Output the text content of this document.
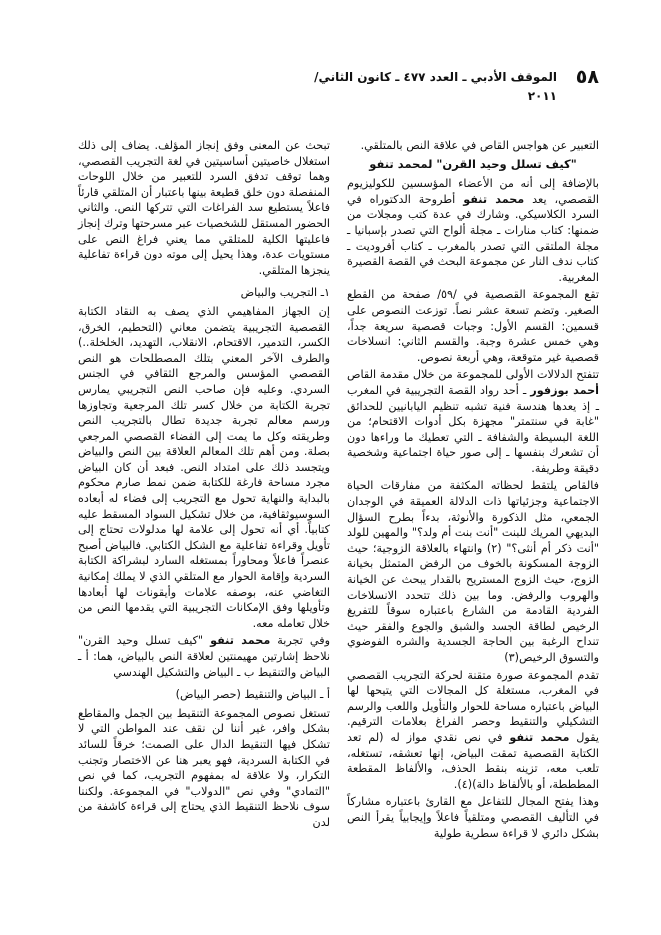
٥٨
الموقف الأدبي ـ العدد ٤٧٧ ـ كانون الثاني/
٢٠١١

التعبير عن هواجس القاص في علاقة النص بالمتلقي.

"كيف تسلل وحيد القرن" لمحمد تنفو

بالإضافة إلى أنه من الأعضاء المؤسسين للكوليزيوم القصصي، يعد محمد تنفو أطروحة الدكتوراه في السرد الكلاسيكي. وشارك في عدة كتب ومجلات من ضمنها: كتاب منارات ـ مجلة ألواح التي تصدر بإسبانيا ـ مجلة الملتقى التي تصدر بالمغرب ـ كتاب أفروديت ـ كتاب ندف النار عن مجموعة البحث في القصة القصيرة المغربية.

تقع المجموعة القصصية في /٥٩/ صفحة من القطع الصغير. وتضم تسعة عشر نصاً. توزعت النصوص على قسمين: القسم الأول: وجبات قصصية سريعة جداً، وهي خمس عشرة وجبة. والقسم الثاني: انسلاخات قصصية غير متوقعة، وهي أربعة نصوص.

تتفتح الدلالات الأولى للمجموعة من خلال مقدمة القاص أحمد بوزفور ـ أحد رواد القصة التجريبية في المغرب ـ إذ يعدها هندسة فنية تشبه تنظيم اليابانيين للحدائق "غابة في سنتمتر" مجهزة بكل أدوات الاقتحام؛ من اللغة البسيطة والشفافة ـ التي تعطيك ما وراءها دون أن تشعرك بنفسها ـ إلى صور حياة اجتماعية وشخصية دقيقة وطريفة.

فالقاص يلتقط لحظاته المكثفة من مفارقات الحياة الاجتماعية وجزئياتها ذات الدلالة العميقة في الوجدان الجمعي، مثل الذكورة والأنوثة، بدءاً بطرح السؤال البديهي المريك للبنت "أنت بنت أم ولد؟" والمهين للولد "أنت ذكر أم أنثى؟" (٢) وانتهاء بالعلاقة الزوجية؛ حيث الزوجة المسكونة بالخوف من الرفض المتمثل بخيانة الزوج، حيث الزوج المستريح بالقدار يبحث عن الخيانة والهروب والرفض. وما بين ذلك تتحدد الانسلاخات الفردية القادمة من الشارع باعتباره سوقاً للتفريغ الرخيص لطاقة الجسد والشبق والجوع والفقر حيث تنداح الرغبة بين الحاجة الجسدية والشره الفوضوي والتسوق الرخيص(٣)

تقدم المجموعة صورة متقنة لحركة التجريب القصصي في المغرب، مستغلة كل المجالات التي يتيحها لها البياض باعتباره مساحة للحوار والتأويل واللعب والرسم التشكيلي والتنقيط وحصر الفراغ بعلامات الترقيم. يقول محمد تنفو في نص نقدي مواز له (لم تعد الكتابة القصصية تمقت البياض، إنها تعشقه، تستغله، تلعب معه، تزينه بنقط الحذف، والألفاظ المقطعة المطططة، أو بالألفاظ دالة)(٤).

وهذا يفتح المجال للتفاعل مع القارئ باعتباره مشاركاً في التأليف القصصي ومتلقياً فاعلاً وإيجابياً يقرأ النص بشكل دائري لا قراءة سطرية طولية

تبحث عن المعنى وفق إنجاز المؤلف. يضاف إلى ذلك استغلال خاصيتين أساسيتين في لغة التجريب القصصي، وهما توقف تدفق السرد للتعبير من خلال اللوحات المنفصلة دون خلق قطيعة بينها باعتبار أن المتلقي قارئاً فاعلاً يستطيع سد الفراغات التي تتركها النص. والثاني الحضور المستقل للشخصيات عبر مسرحتها وترك إنجاز فاعليتها الكلية للمتلقي مما يعني فراغ النص على مستويات عدة، وهذا يحيل إلى موته دون قراءة تفاعلية ينجزها المتلقي.

١ـ التجريب والبياض

إن الجهاز المفاهيمي الذي يصف به النقاد الكتابة القصصية التجريبية يتضمن معاني (التحطيم، الخرق، الكسر، التدمير، الاقتحام، الانقلاب، التهديد، الخلخلة..) والطرف الآخر المعني بتلك المصطلحات هو النص القصصي المؤسس والمرجع الثقافي في الجنس السردي. وعليه فإن صاحب النص التجريبي يمارس تجربة الكتابة من خلال كسر تلك المرجعية وتجاوزها ورسم معالم تجربة جديدة تطال بالتجريب النص وطريقته وكل ما يمت إلى الفضاء القصصي المرجعي بصلة. ومن أهم تلك المعالم العلاقة بين النص والبياض ويتجسد ذلك على امتداد النص. فبعد أن كان البياض مجرد مساحة فارغة للكتابة ضمن نمط صارم محكوم بالبداية والنهاية تحول مع التجريب إلى فضاء له أبعاده السوسيوثقافية، من خلال تشكيل السواد المسقط عليه كتابياً. أي أنه تحول إلى علامة لها مدلولات تحتاج إلى تأويل وقراءة تفاعلية مع الشكل الكتابي. فالبياض أصبح عنصراً فاعلاً ومحاوراً بمستغله السارد لبشراكة الكتابة السردية وإقامة الحوار مع المتلقي الذي لا يملك إمكانية التغاضي عنه، بوصفه علامات وأيقونات لها أبعادها وتأويلها وفق الإمكانات التجريبية التي يقدمها النص من خلال تعامله معه.

وفي تجربة محمد تنفو "كيف تسلل وحيد القرن" نلاحظ إشارتين مهيمنتين لعلاقة النص بالبياض، هما: أ ـ البياض والتنقيط ب ـ البياض والتشكيل الهندسي

أ ـ البياض والتنقيط (حصر البياض)

تستغل نصوص المجموعة التنقيط بين الجمل والمقاطع بشكل وافر، غير أننا لن نقف عند المواطن التي لا تشكل فيها التنقيط الدال على الصمت؛ خرقاً للسائد في الكتابة السردية، فهو يعبر هنا عن الاختصار وتجنب التكرار، ولا علاقة له بمفهوم التجريب، كما في نص "التمادي" وفي نص "الدولاب" في المجموعة. ولكننا سوف نلاحظ التنقيط الذي يحتاج إلى قراءة كاشفة من لدن
